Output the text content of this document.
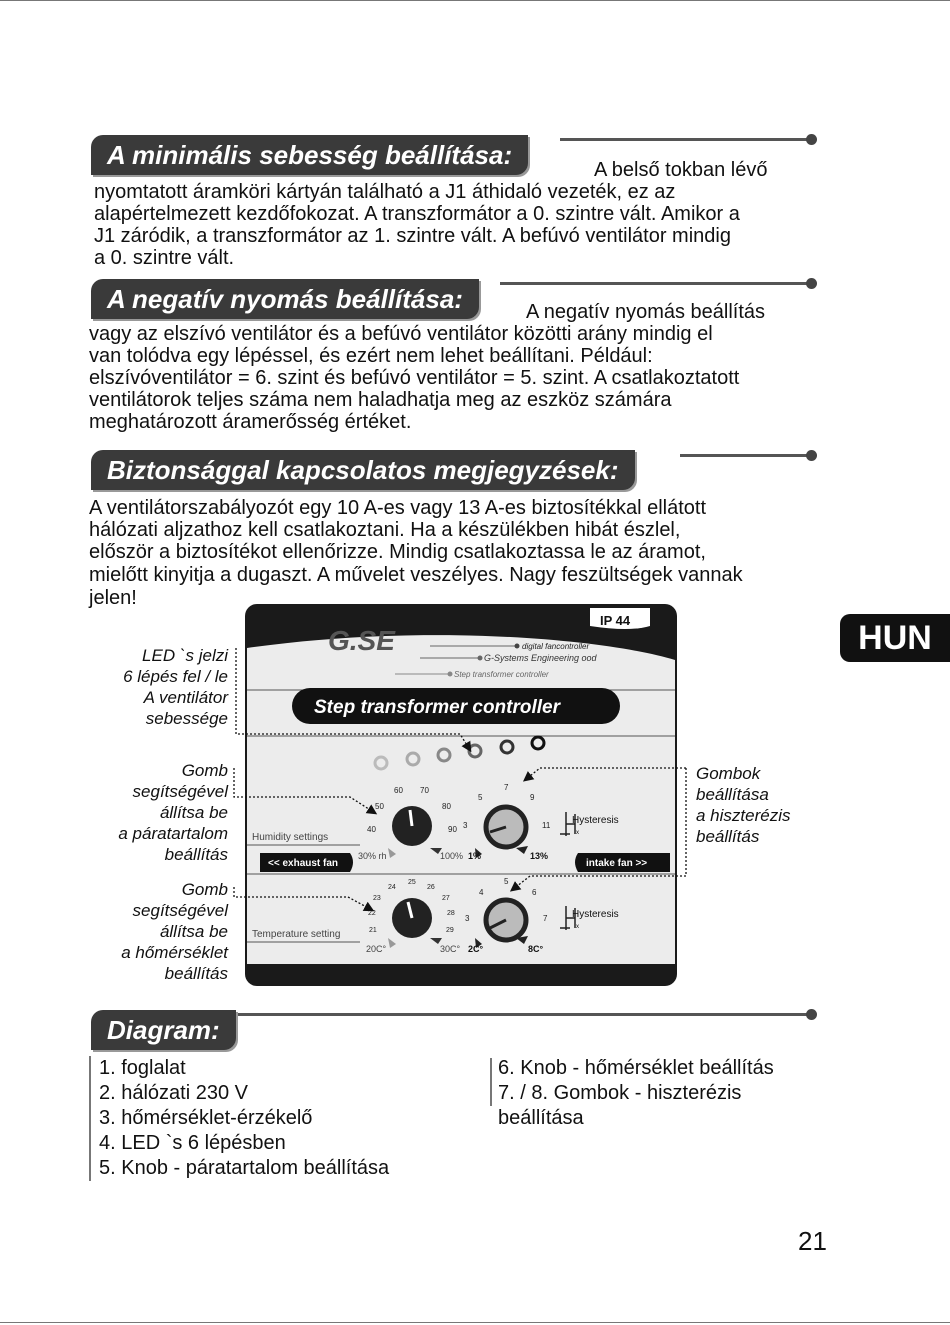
A minimális sebesség beállítása:	A belső tokban lévő
nyomtatott áramköri kártyán található a J1 áthidaló vezeték, ez az
alapértelmezett kezdőfokozat. A transzformátor a 0. szintre vált. Amikor a
J1 záródik, a transzformátor az 1. szintre vált. A befúvó ventilátor mindig
a 0. szintre vált.
A negatív nyomás beállítása:	A negatív nyomás beállítás
vagy az elszívó ventilátor és a befúvó ventilátor közötti arány mindig el
van tolódva egy lépéssel, és ezért nem lehet beállítani. Például:
elszívóventilátor = 6. szint és befúvó ventilátor = 5. szint. A csatlakoztatott
ventilátorok teljes száma nem haladhatja meg az eszköz számára
meghatározott áramerősség értéket.
Biztonsággal kapcsolatos megjegyzések:
A ventilátorszabályozót egy 10 A-es vagy 13 A-es biztosítékkal ellátott
hálózati aljzathoz kell csatlakoztani. Ha a készülékben hibát észlel,
először a biztosítékot ellenőrizze. Mindig csatlakoztassa le az áramot,
mielőtt kinyitja a dugaszt. A művelet veszélyes. Nagy feszültségek vannak
jelen!
HUN
LED `s jelzi
6 lépés fel / le
A ventilátor
sebessége
Gomb
segítségével
állítsa be
a páratartalom
beállítás
Gomb
segítségével
állítsa be
a hőmérséklet
beállítás
Gombok
beállítása
a hiszterézis
beállítás
IP 44
G.SE	digital fancontroller
G-Systems Engineering ood
Step transformer controller
Step transformer controller
Humidity settings
40
50
60 70
80
90 3
5
7
9
11 Hysteresis
x
30% rh	100% 1%	13%
<< exhaust fan	intake fan >>
Temperature setting	21
22
23
24
25
26
27
28
29
3
4
5
6
7 Hysteresis
x
20C°	30C° 2C°	8C°
Diagram:
1. foglalat
2. hálózati 230 V
3. hőmérséklet-érzékelő
4. LED `s 6 lépésben
5. Knob - páratartalom beállítása
6. Knob - hőmérséklet beállítás
7. / 8. Gombok - hiszterézis
beállítása
21
